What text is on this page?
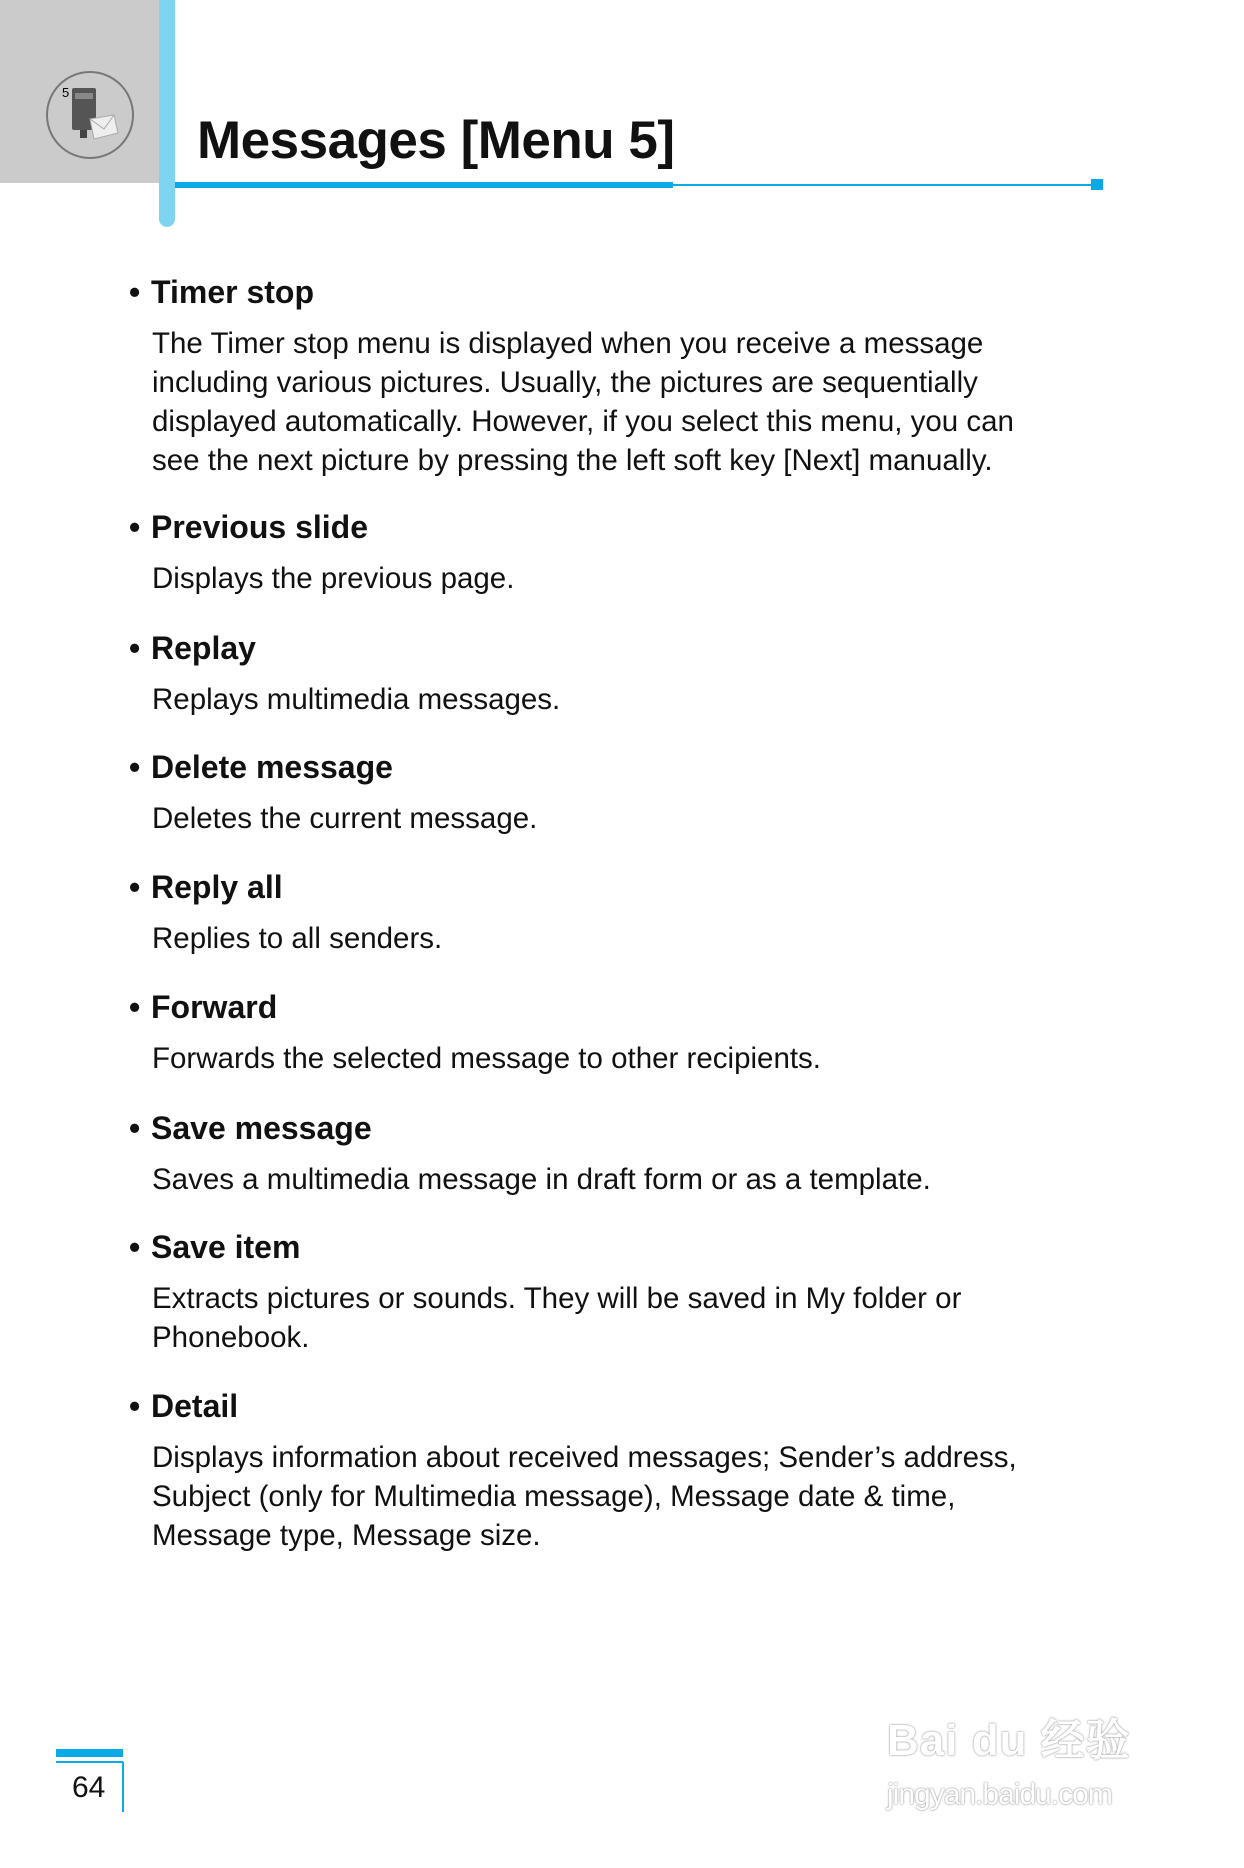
5
Messages [Menu 5]
• Timer stop

The Timer stop menu is displayed when you receive a message
including various pictures. Usually, the pictures are sequentially
displayed automatically. However, if you select this menu, you can
see the next picture by pressing the left soft key [Next] manually.

• Previous slide

Displays the previous page.

• Replay

Replays multimedia messages.

• Delete message

Deletes the current message.

• Reply all

Replies to all senders.

• Forward

Forwards the selected message to other recipients.

• Save message

Saves a multimedia message in draft form or as a template.

• Save item

Extracts pictures or sounds. They will be saved in My folder or
Phonebook.

• Detail

Displays information about received messages; Sender’s address,
Subject (only for Multimedia message), Message date & time,
Message type, Message size.

64
Bai du 经验
jingyan.baidu.com
